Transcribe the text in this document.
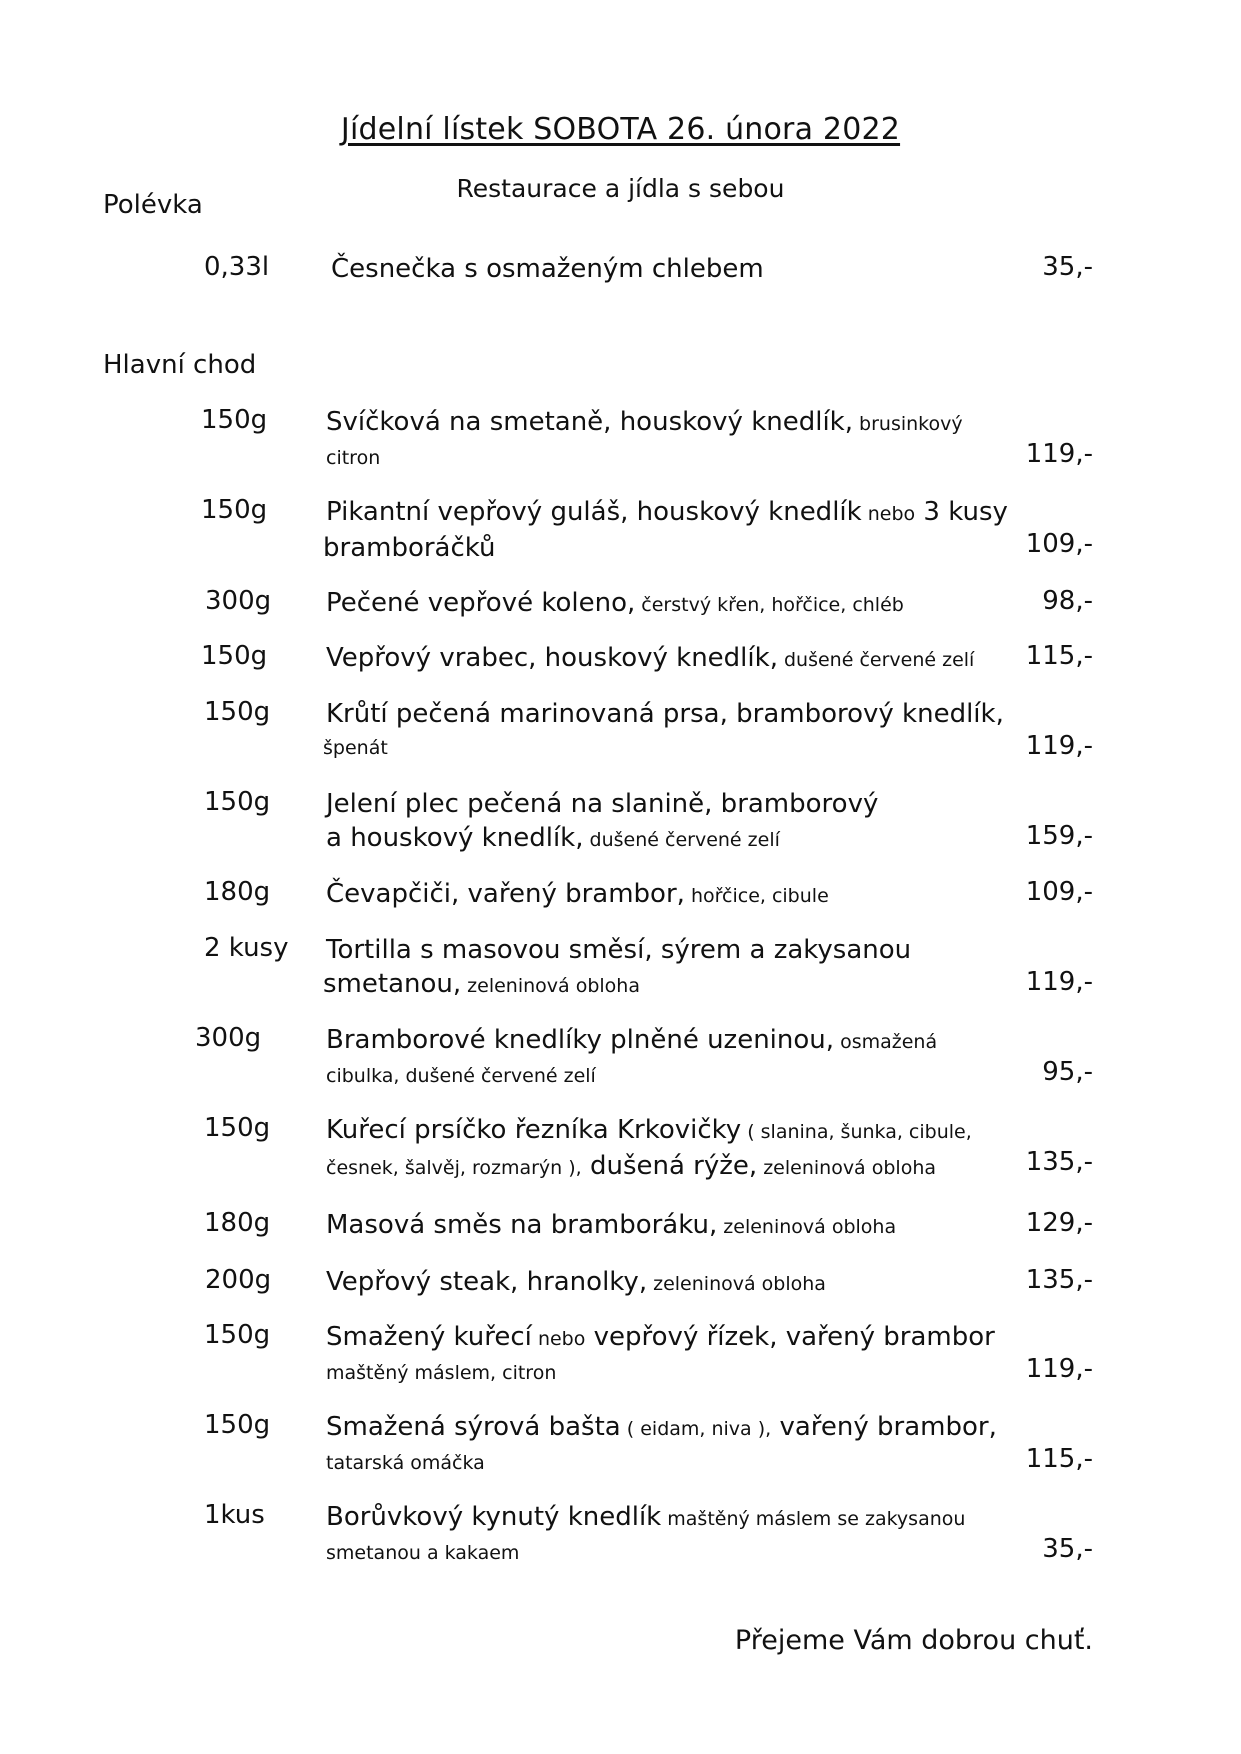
Jídelní lístek SOBOTA 26. února 2022
Restaurace a jídla s sebou
Polévka
0,33l Česnečka s osmaženým chlebem	35,-
Hlavní chod
150g Svíčková na smetaně, houskový knedlík, brusinkový
citron	119,-
150g Pikantní vepřový guláš, houskový knedlík nebo 3 kusy
bramboráčků	109,-
300g Pečené vepřové koleno, čerstvý křen, hořčice, chléb	98,-
150g Vepřový vrabec, houskový knedlík, dušené červené zelí	115,-
150g Krůtí pečená marinovaná prsa, bramborový knedlík,
špenát	119,-
150g Jelení plec pečená na slanině, bramborový
a houskový knedlík, dušené červené zelí	159,-
180g Čevapčiči, vařený brambor, hořčice, cibule	109,-
2 kusy Tortilla s masovou směsí, sýrem a zakysanou
smetanou, zeleninová obloha	119,-
300g Bramborové knedlíky plněné uzeninou, osmažená
cibulka, dušené červené zelí	95,-
150g Kuřecí prsíčko řezníka Krkovičky ( slanina, šunka, cibule,
česnek, šalvěj, rozmarýn ), dušená rýže, zeleninová obloha	135,-
180g Masová směs na bramboráku, zeleninová obloha	129,-
200g Vepřový steak, hranolky, zeleninová obloha	135,-
150g Smažený kuřecí nebo vepřový řízek, vařený brambor
maštěný máslem, citron	119,-
150g Smažená sýrová bašta ( eidam, niva ), vařený brambor,
tatarská omáčka	115,-
1kus Borůvkový kynutý knedlík maštěný máslem se zakysanou
smetanou a kakaem	35,-
Přejeme Vám dobrou chuť.
